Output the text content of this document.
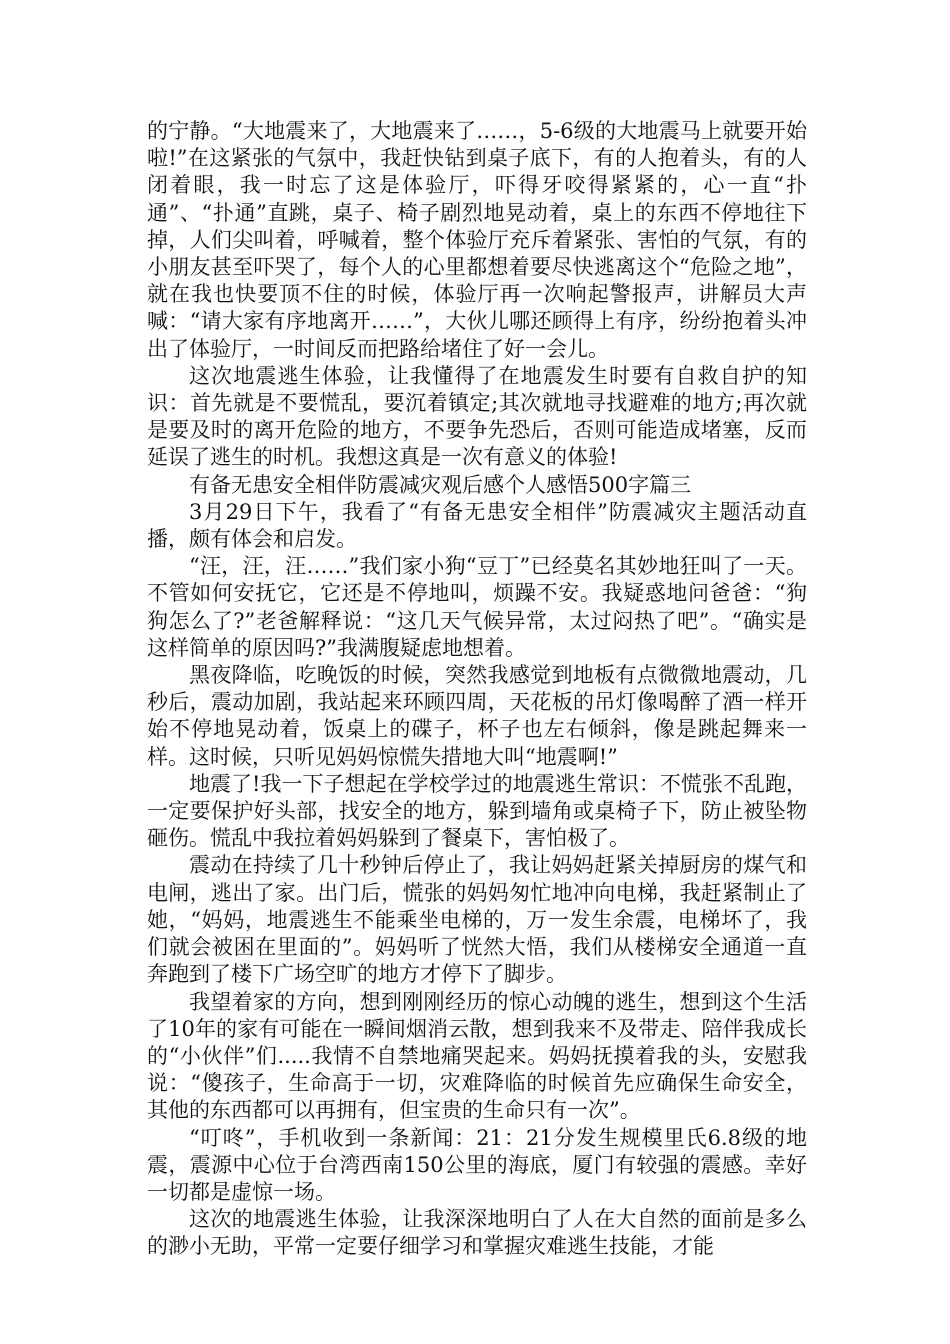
的宁静。“大地震来了，大地震来了……，5-6级的大地震马上就要开始啦!”在这紧张的气氛中，我赶快钻到桌子底下，有的人抱着头，有的人闭着眼，我一时忘了这是体验厅，吓得牙咬得紧紧的，心一直“扑通”、“扑通”直跳，桌子、椅子剧烈地晃动着，桌上的东西不停地往下掉，人们尖叫着，呼喊着，整个体验厅充斥着紧张、害怕的气氛，有的小朋友甚至吓哭了，每个人的心里都想着要尽快逃离这个“危险之地”，就在我也快要顶不住的时候，体验厅再一次响起警报声，讲解员大声喊：“请大家有序地离开……”，大伙儿哪还顾得上有序，纷纷抱着头冲出了体验厅，一时间反而把路给堵住了好一会儿。

这次地震逃生体验，让我懂得了在地震发生时要有自救自护的知识：首先就是不要慌乱，要沉着镇定;其次就地寻找避难的地方;再次就是要及时的离开危险的地方，不要争先恐后，否则可能造成堵塞，反而延误了逃生的时机。我想这真是一次有意义的体验!

有备无患安全相伴防震减灾观后感个人感悟500字篇三

3月29日下午，我看了“有备无患安全相伴”防震减灾主题活动直播，颇有体会和启发。

“汪，汪，汪……”我们家小狗“豆丁”已经莫名其妙地狂叫了一天。不管如何安抚它，它还是不停地叫，烦躁不安。我疑惑地问爸爸：“狗狗怎么了?”老爸解释说：“这几天气候异常，太过闷热了吧”。“确实是这样简单的原因吗?”我满腹疑虑地想着。

黑夜降临，吃晚饭的时候，突然我感觉到地板有点微微地震动，几秒后，震动加剧，我站起来环顾四周，天花板的吊灯像喝醉了酒一样开始不停地晃动着，饭桌上的碟子，杯子也左右倾斜，像是跳起舞来一样。这时候，只听见妈妈惊慌失措地大叫“地震啊!”

地震了!我一下子想起在学校学过的地震逃生常识：不慌张不乱跑，一定要保护好头部，找安全的地方，躲到墙角或桌椅子下，防止被坠物砸伤。慌乱中我拉着妈妈躲到了餐桌下，害怕极了。

震动在持续了几十秒钟后停止了，我让妈妈赶紧关掉厨房的煤气和电闸，逃出了家。出门后，慌张的妈妈匆忙地冲向电梯，我赶紧制止了她，“妈妈，地震逃生不能乘坐电梯的，万一发生余震，电梯坏了，我们就会被困在里面的”。妈妈听了恍然大悟，我们从楼梯安全通道一直奔跑到了楼下广场空旷的地方才停下了脚步。

我望着家的方向，想到刚刚经历的惊心动魄的逃生，想到这个生活了10年的家有可能在一瞬间烟消云散，想到我来不及带走、陪伴我成长的“小伙伴”们.....我情不自禁地痛哭起来。妈妈抚摸着我的头，安慰我说：“傻孩子，生命高于一切，灾难降临的时候首先应确保生命安全，其他的东西都可以再拥有，但宝贵的生命只有一次”。

“叮咚”，手机收到一条新闻：21：21分发生规模里氏6.8级的地震，震源中心位于台湾西南150公里的海底，厦门有较强的震感。幸好一切都是虚惊一场。

这次的地震逃生体验，让我深深地明白了人在大自然的面前是多么的渺小无助，平常一定要仔细学习和掌握灾难逃生技能，才能
